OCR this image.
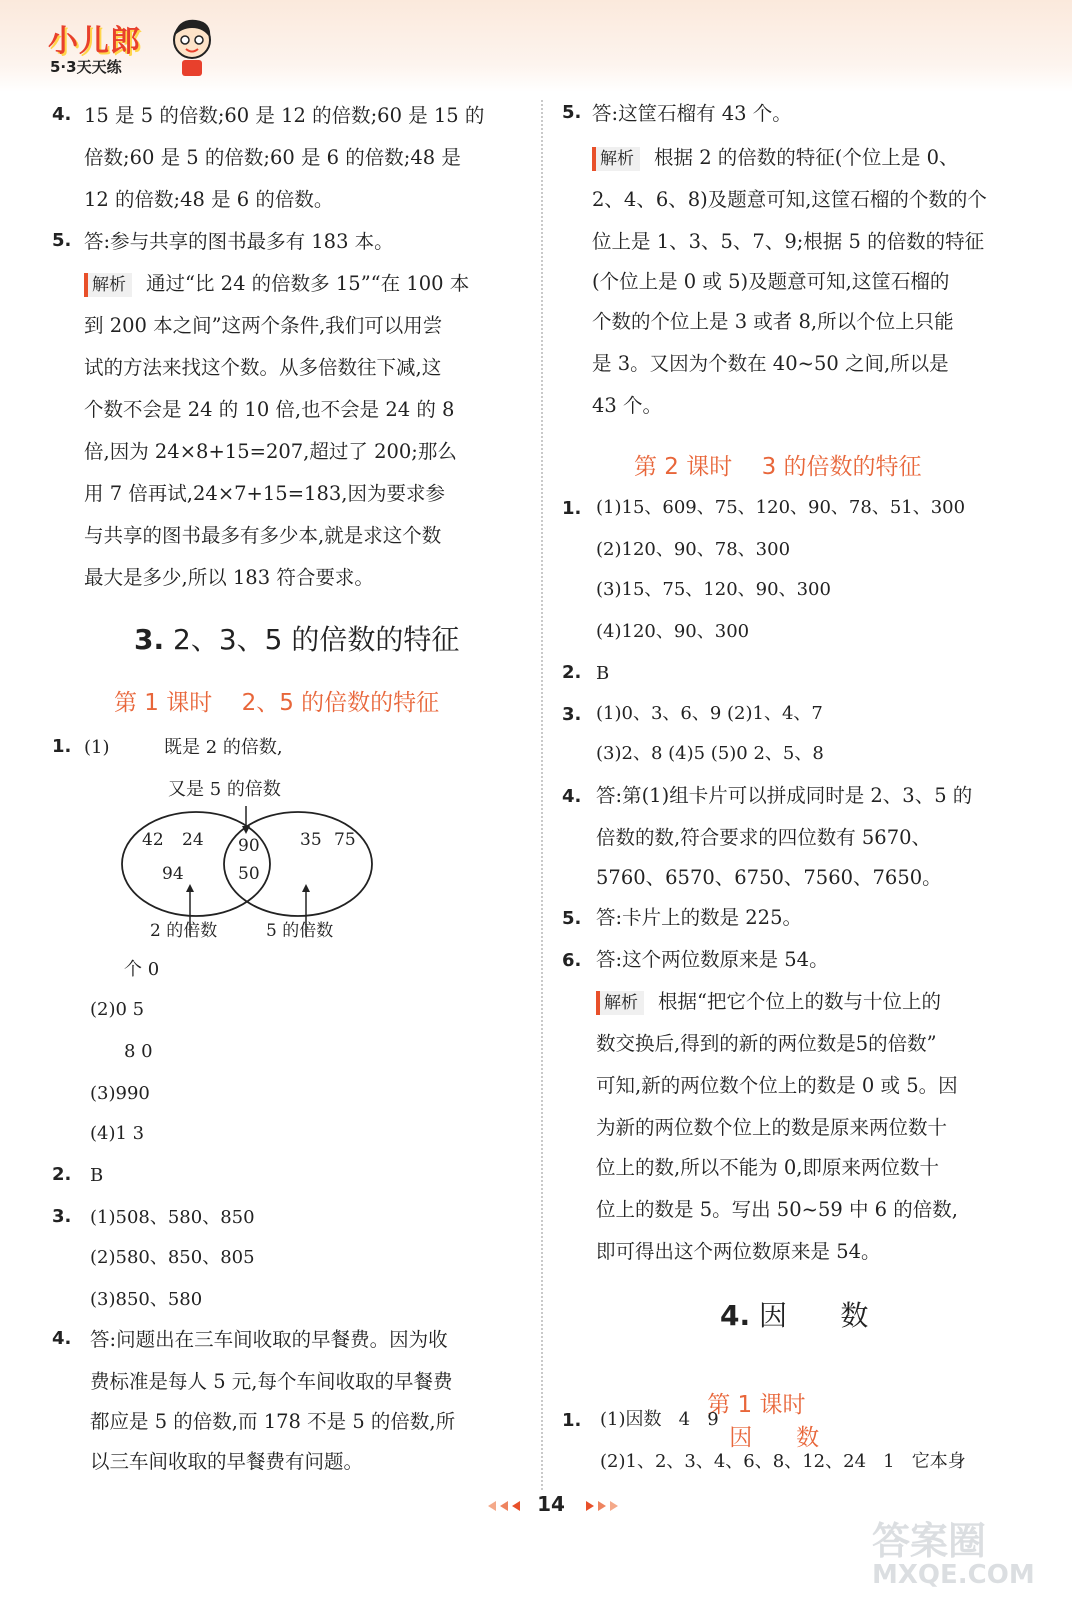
小儿郎
5·3天天练
4. 15 是 5 的倍数;60 是 12 的倍数;60 是 15 的
倍数;60 是 5 的倍数;60 是 6 的倍数;48 是
12 的倍数;48 是 6 的倍数。
5. 答:参与共享的图书最多有 183 本。
解析 通过“比 24 的倍数多 15”“在 100 本
到 200 本之间”这两个条件,我们可以用尝
试的方法来找这个数。从多倍数往下减,这
个数不会是 24 的 10 倍,也不会是 24 的 8
倍,因为 24×8+15=207,超过了 200;那么
用 7 倍再试,24×7+15=183,因为要求参
与共享的图书最多有多少本,就是求这个数
最大是多少,所以 183 符合要求。
3. 2、3、5 的倍数的特征
第 1 课时 2、5 的倍数的特征
1. (1)	既是 2 的倍数,
又是 5 的倍数
42 24
94
90
50
35 75
2 的倍数	5 的倍数
个 0
(2)0 5
8 0
(3)990
(4)1 3
2. B
3. (1)508、580、850
(2)580、850、805
(3)850、580
4. 答:问题出在三车间收取的早餐费。因为收
费标准是每人 5 元,每个车间收取的早餐费
都应是 5 的倍数,而 178 不是 5 的倍数,所
以三车间收取的早餐费有问题。
5. 答:这筐石榴有 43 个。
解析 根据 2 的倍数的特征(个位上是 0、
2、4、6、8)及题意可知,这筐石榴的个数的个
位上是 1、3、5、7、9;根据 5 的倍数的特征
(个位上是 0 或 5)及题意可知,这筐石榴的
个数的个位上是 3 或者 8,所以个位上只能
是 3。又因为个数在 40~50 之间,所以是
43 个。
第 2 课时 3 的倍数的特征
1. (1)15、609、75、120、90、78、51、300
(2)120、90、78、300
(3)15、75、120、90、300
(4)120、90、300
2. B
3. (1)0、3、6、9 (2)1、4、7
(3)2、8 (4)5 (5)0 2、5、8
4. 答:第(1)组卡片可以拼成同时是 2、3、5 的
倍数的数,符合要求的四位数有 5670、
5760、6570、6750、7560、7650。
5. 答:卡片上的数是 225。
6. 答:这个两位数原来是 54。
解析 根据“把它个位上的数与十位上的
数交换后,得到的新的两位数是5的倍数”
可知,新的两位数个位上的数是 0 或 5。因
为新的两位数个位上的数是原来两位数十
位上的数,所以不能为 0,即原来两位数十
位上的数是 5。写出 50~59 中 6 的倍数,
即可得出这个两位数原来是 54。
4. 因      数

第 1 课时
因      数

1. (1)因数   4   9
(2)1、2、3、4、6、8、12、24   1   它本身
14
答案圈
MXQE.COM
